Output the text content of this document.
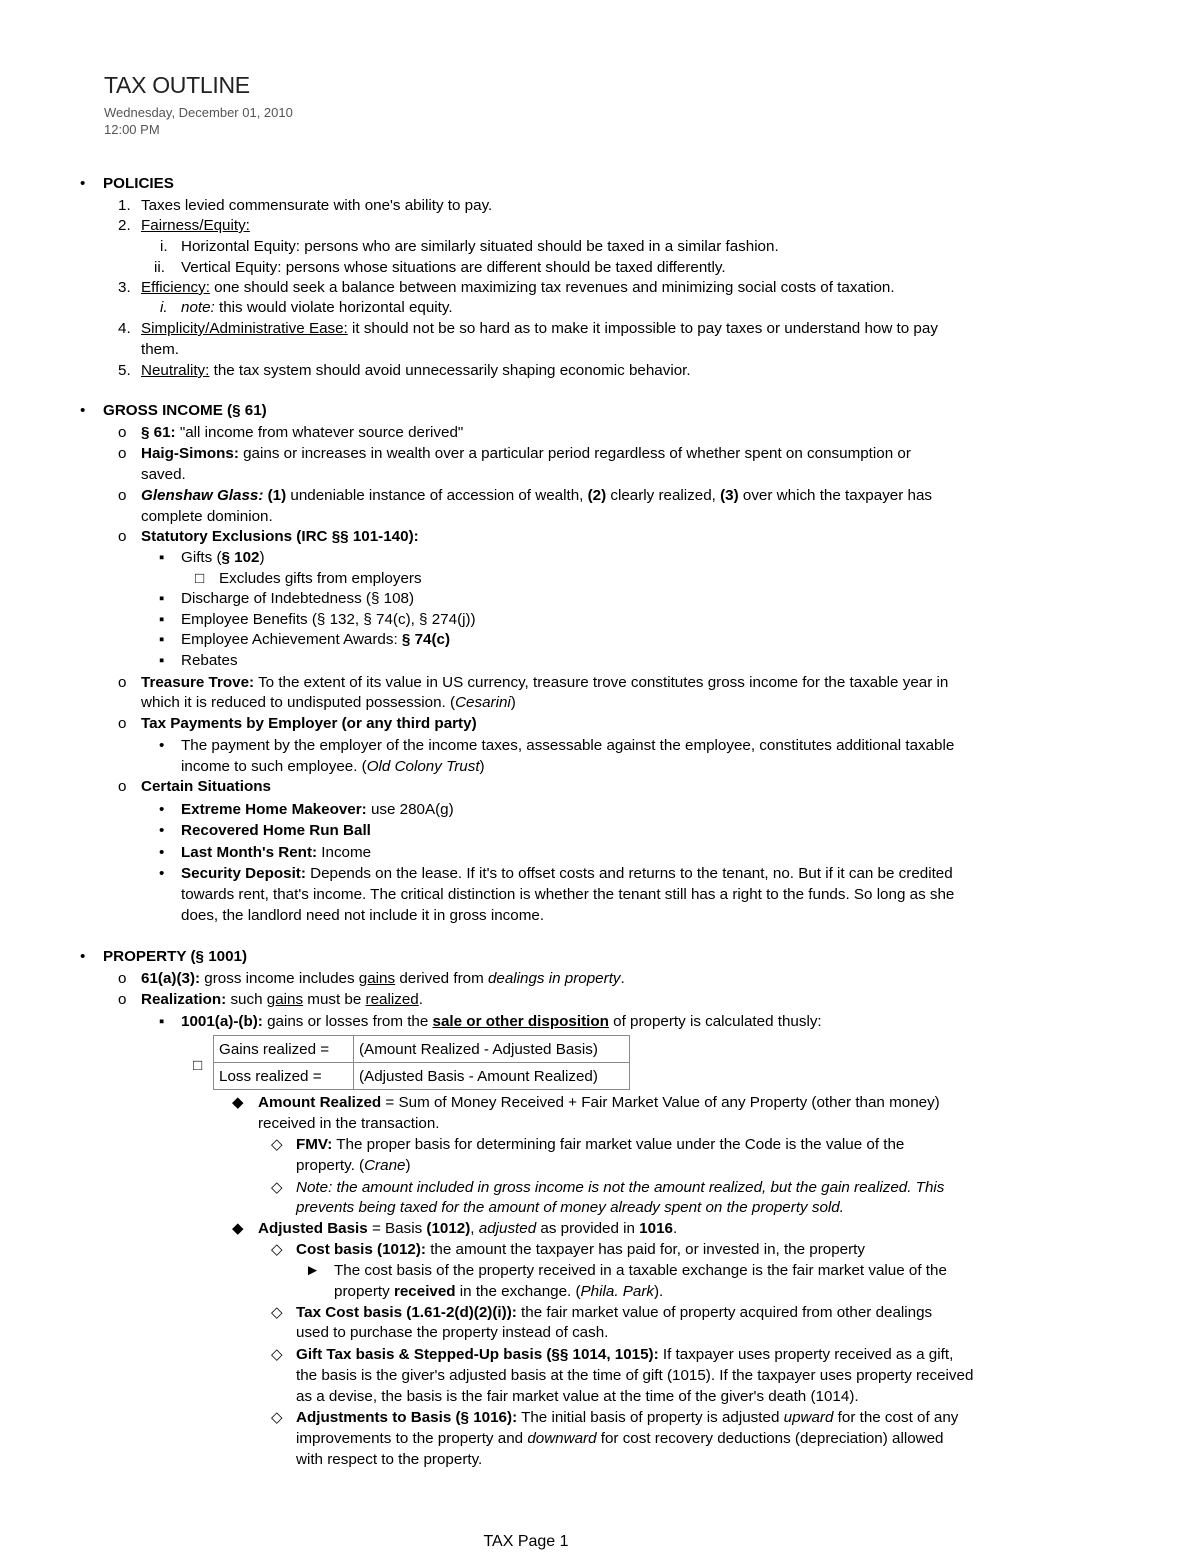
TAX OUTLINE
Wednesday, December 01, 2010
12:00 PM
• POLICIES
1. Taxes levied commensurate with one's ability to pay.
2. Fairness/Equity:
i. Horizontal Equity: persons who are similarly situated should be taxed in a similar fashion.
ii. Vertical Equity: persons whose situations are different should be taxed differently.
3. Efficiency: one should seek a balance between maximizing tax revenues and minimizing social costs of taxation.
i. note: this would violate horizontal equity.
4. Simplicity/Administrative Ease: it should not be so hard as to make it impossible to pay taxes or understand how to pay
them.
5. Neutrality: the tax system should avoid unnecessarily shaping economic behavior.
• GROSS INCOME (§ 61)
o § 61: "all income from whatever source derived"
o Haig-Simons: gains or increases in wealth over a particular period regardless of whether spent on consumption or
saved.
o Glenshaw Glass: (1) undeniable instance of accession of wealth, (2) clearly realized, (3) over which the taxpayer has
complete dominion.
o Statutory Exclusions (IRC §§ 101-140):
▪ Gifts (§ 102)
□ Excludes gifts from employers
▪ Discharge of Indebtedness (§ 108)
▪ Employee Benefits (§ 132, § 74(c), § 274(j))
▪ Employee Achievement Awards: § 74(c)
▪ Rebates
o Treasure Trove: To the extent of its value in US currency, treasure trove constitutes gross income for the taxable year in
which it is reduced to undisputed possession. (Cesarini)
o Tax Payments by Employer (or any third party)
• The payment by the employer of the income taxes, assessable against the employee, constitutes additional taxable
income to such employee. (Old Colony Trust)
o Certain Situations
• Extreme Home Makeover: use 280A(g)
• Recovered Home Run Ball
• Last Month's Rent: Income
• Security Deposit: Depends on the lease. If it's to offset costs and returns to the tenant, no. But if it can be credited
towards rent, that's income. The critical distinction is whether the tenant still has a right to the funds. So long as she
does, the landlord need not include it in gross income.
• PROPERTY (§ 1001)
o 61(a)(3): gross income includes gains derived from dealings in property.
o Realization: such gains must be realized.
▪ 1001(a)-(b): gains or losses from the sale or other disposition of property is calculated thusly:
□
Gains realized =	(Amount Realized - Adjusted Basis)
Loss realized =	(Adjusted Basis - Amount Realized)
◆ Amount Realized = Sum of Money Received + Fair Market Value of any Property (other than money)
received in the transaction.
◇ FMV: The proper basis for determining fair market value under the Code is the value of the
property. (Crane)
◇ Note: the amount included in gross income is not the amount realized, but the gain realized. This
prevents being taxed for the amount of money already spent on the property sold.
◆ Adjusted Basis = Basis (1012), adjusted as provided in 1016.
◇ Cost basis (1012): the amount the taxpayer has paid for, or invested in, the property
► The cost basis of the property received in a taxable exchange is the fair market value of the
property received in the exchange. (Phila. Park).
◇ Tax Cost basis (1.61-2(d)(2)(i)): the fair market value of property acquired from other dealings
used to purchase the property instead of cash.
◇ Gift Tax basis & Stepped-Up basis (§§ 1014, 1015): If taxpayer uses property received as a gift,
the basis is the giver's adjusted basis at the time of gift (1015). If the taxpayer uses property received
as a devise, the basis is the fair market value at the time of the giver's death (1014).
◇ Adjustments to Basis (§ 1016): The initial basis of property is adjusted upward for the cost of any
improvements to the property and downward for cost recovery deductions (depreciation) allowed
with respect to the property.
TAX Page 1
